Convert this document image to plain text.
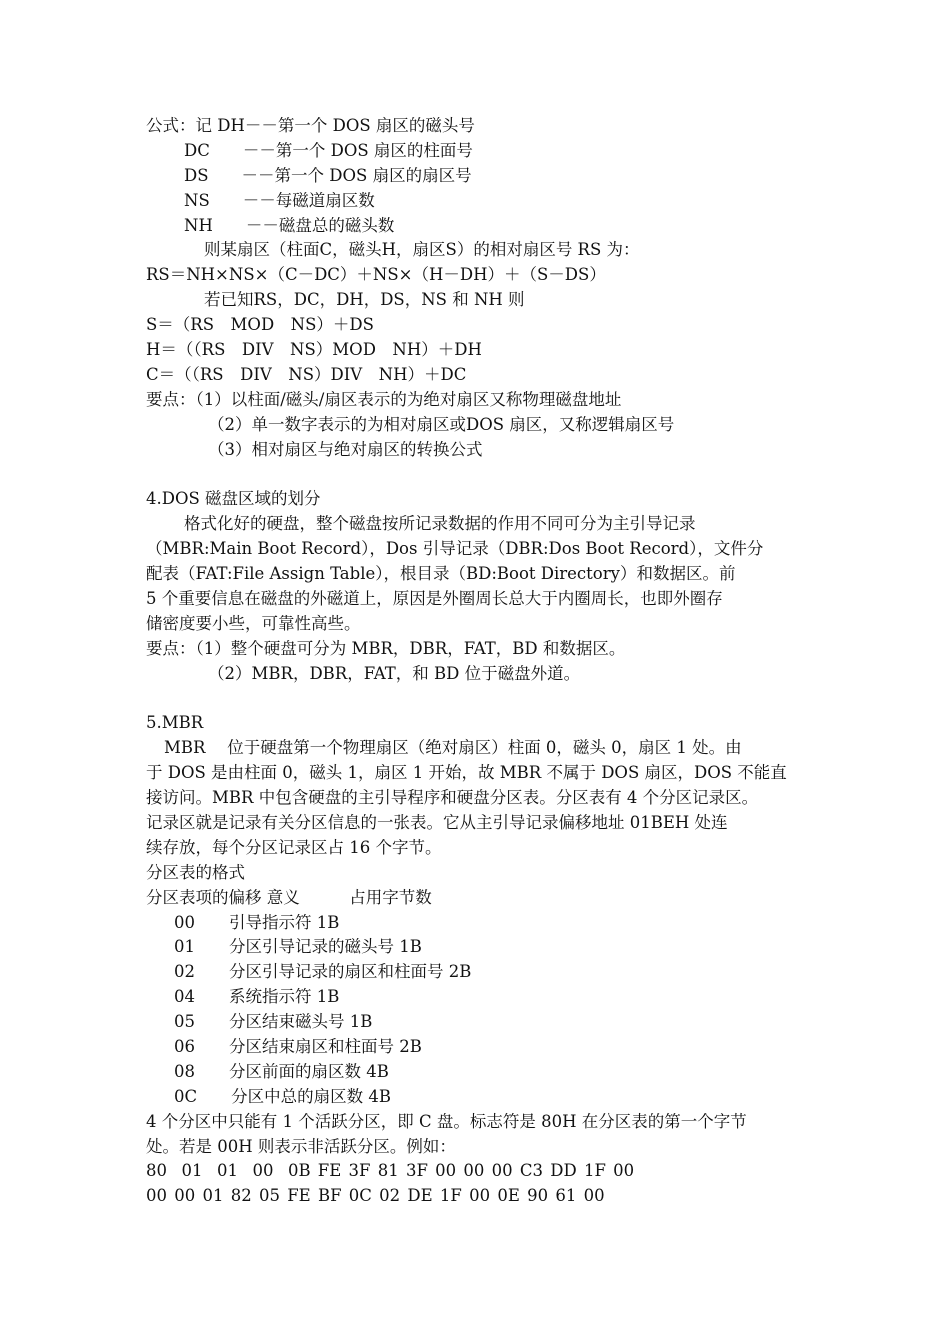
公式：记 DH－－第一个 DOS 扇区的磁头号
DC　　－－第一个 DOS 扇区的柱面号
DS　　－－第一个 DOS 扇区的扇区号
NS　　－－每磁道扇区数
NH　　－－磁盘总的磁头数
则某扇区（柱面C，磁头H，扇区S）的相对扇区号 RS 为：
RS＝NH×NS×（C－DC）＋NS×（H－DH）＋（S－DS）
若已知RS，DC，DH，DS，NS 和 NH 则
S＝（RS　MOD　NS）＋DS
H＝（（RS　DIV　NS）MOD　NH）＋DH
C＝（（RS　DIV　NS）DIV　NH）＋DC
要点：（1）以柱面/磁头/扇区表示的为绝对扇区又称物理磁盘地址
（2）单一数字表示的为相对扇区或DOS 扇区，又称逻辑扇区号
（3）相对扇区与绝对扇区的转换公式
4.DOS 磁盘区域的划分
格式化好的硬盘，整个磁盘按所记录数据的作用不同可分为主引导记录
（MBR:Main Boot Record），Dos 引导记录（DBR:Dos Boot Record），文件分
配表（FAT:File Assign Table），根目录（BD:Boot Directory）和数据区。前
5 个重要信息在磁盘的外磁道上，原因是外圈周长总大于内圈周长，也即外圈存
储密度要小些，可靠性高些。
要点：（1）整个硬盘可分为 MBR，DBR，FAT，BD 和数据区。
（2）MBR，DBR，FAT，和 BD 位于磁盘外道。
5.MBR
MBR　 位于硬盘第一个物理扇区（绝对扇区）柱面 0，磁头 0，扇区 1 处。由
于 DOS 是由柱面 0，磁头 1，扇区 1 开始，故 MBR 不属于 DOS 扇区，DOS 不能直
接访问。MBR 中包含硬盘的主引导程序和硬盘分区表。分区表有 4 个分区记录区。
记录区就是记录有关分区信息的一张表。它从主引导记录偏移地址 01BEH 处连
续存放，每个分区记录区占 16 个字节。
分区表的格式
分区表项的偏移 意义　　　占用字节数
00 引导指示符 1B
01 分区引导记录的磁头号 1B
02 分区引导记录的扇区和柱面号 2B
04 系统指示符 1B
05 分区结束磁头号 1B
06 分区结束扇区和柱面号 2B
08 分区前面的扇区数 4B
0C 分区中总的扇区数 4B
4 个分区中只能有 1 个活跃分区，即 C 盘。标志符是 80H 在分区表的第一个字节
处。若是 00H 则表示非活跃分区。例如：
80  01  01  00  0B FE 3F 81 3F 00 00 00 C3 DD 1F 00
00 00 01 82 05 FE BF 0C 02 DE 1F 00 0E 90 61 00
